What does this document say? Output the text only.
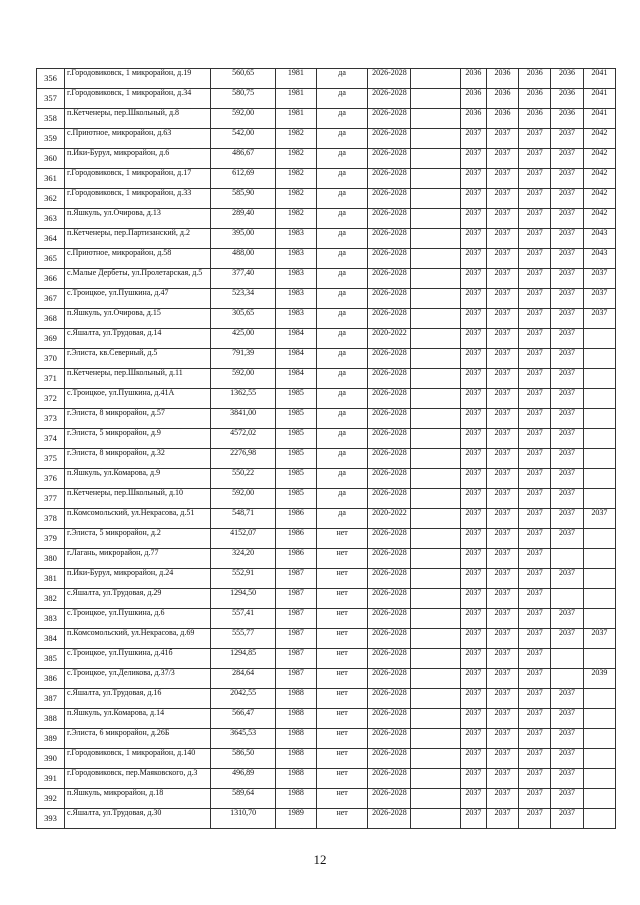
356	г.Городовиковск, 1 микрорайон, д.19	560,65	1981	да	2026-2028		2036	2036	2036	2036	2041
357	г.Городовиковск, 1 микрорайон, д.34	580,75	1981	да	2026-2028		2036	2036	2036	2036	2041
358	п.Кетченеры, пер.Школьный, д.8	592,00	1981	да	2026-2028		2036	2036	2036	2036	2041
359	с.Приютное, микрорайон, д.63	542,00	1982	да	2026-2028		2037	2037	2037	2037	2042
360	п.Ики-Бурул, микрорайон, д.6	486,67	1982	да	2026-2028		2037	2037	2037	2037	2042
361	г.Городовиковск, 1 микрорайон, д.17	612,69	1982	да	2026-2028		2037	2037	2037	2037	2042
362	г.Городовиковск, 1 микрорайон, д.33	585,90	1982	да	2026-2028		2037	2037	2037	2037	2042
363	п.Яшкуль, ул.Очирова, д.13	289,40	1982	да	2026-2028		2037	2037	2037	2037	2042
364	п.Кетченеры, пер.Партизанский, д.2	395,00	1983	да	2026-2028		2037	2037	2037	2037	2043
365	с.Приютное, микрорайон, д.58	488,00	1983	да	2026-2028		2037	2037	2037	2037	2043
366	с.Малые Дербеты, ул.Пролетарская, д.5	377,40	1983	да	2026-2028		2037	2037	2037	2037	2037
367	с.Троицкое, ул.Пушкина, д.47	523,34	1983	да	2026-2028		2037	2037	2037	2037	2037
368	п.Яшкуль, ул.Очирова, д.15	305,65	1983	да	2026-2028		2037	2037	2037	2037	2037
369	с.Яшалта, ул.Трудовая, д.14	425,00	1984	да	2020-2022		2037	2037	2037	2037	
370	г.Элиста, кв.Северный, д.5	791,39	1984	да	2026-2028		2037	2037	2037	2037	
371	п.Кетченеры, пер.Школьный, д.11	592,00	1984	да	2026-2028		2037	2037	2037	2037	
372	с.Троицкое, ул.Пушкина, д.41А	1362,55	1985	да	2026-2028		2037	2037	2037	2037	
373	г.Элиста, 8 микрорайон, д.57	3841,00	1985	да	2026-2028		2037	2037	2037	2037	
374	г.Элиста, 5 микрорайон, д.9	4572,02	1985	да	2026-2028		2037	2037	2037	2037	
375	г.Элиста, 8 микрорайон, д.32	2276,98	1985	да	2026-2028		2037	2037	2037	2037	
376	п.Яшкуль, ул.Комарова, д.9	550,22	1985	да	2026-2028		2037	2037	2037	2037	
377	п.Кетченеры, пер.Школьный, д.10	592,00	1985	да	2026-2028		2037	2037	2037	2037	
378	п.Комсомольский, ул.Некрасова, д.51	548,71	1986	да	2020-2022		2037	2037	2037	2037	2037
379	г.Элиста, 5 микрорайон, д.2	4152,07	1986	нет	2026-2028		2037	2037	2037	2037	
380	г.Лагань, микрорайон, д.77	324,20	1986	нет	2026-2028		2037	2037	2037		
381	п.Ики-Бурул, микрорайон, д.24	552,91	1987	нет	2026-2028		2037	2037	2037	2037	
382	с.Яшалта, ул.Трудовая, д.29	1294,50	1987	нет	2026-2028		2037	2037	2037		
383	с.Троицкое, ул.Пушкина, д.6	557,41	1987	нет	2026-2028		2037	2037	2037	2037	
384	п.Комсомольский, ул.Некрасова, д.69	555,77	1987	нет	2026-2028		2037	2037	2037	2037	2037
385	с.Троицкое, ул.Пушкина, д.41б	1294,85	1987	нет	2026-2028		2037	2037	2037		
386	с.Троицкое, ул.Деликова, д.37/3	284,64	1987	нет	2026-2028		2037	2037	2037		2039
387	с.Яшалта, ул.Трудовая, д.16	2042,55	1988	нет	2026-2028		2037	2037	2037	2037	
388	п.Яшкуль, ул.Комарова, д.14	566,47	1988	нет	2026-2028		2037	2037	2037	2037	
389	г.Элиста, 6 микрорайон, д.26Б	3645,53	1988	нет	2026-2028		2037	2037	2037	2037	
390	г.Городовиковск, 1 микрорайон, д.140	586,50	1988	нет	2026-2028		2037	2037	2037	2037	
391	г.Городовиковск, пер.Маяковского, д.3	496,89	1988	нет	2026-2028		2037	2037	2037	2037	
392	п.Яшкуль, микрорайон, д.18	589,64	1988	нет	2026-2028		2037	2037	2037	2037	
393	с.Яшалта, ул.Трудовая, д.30	1310,70	1989	нет	2026-2028		2037	2037	2037	2037	
12
